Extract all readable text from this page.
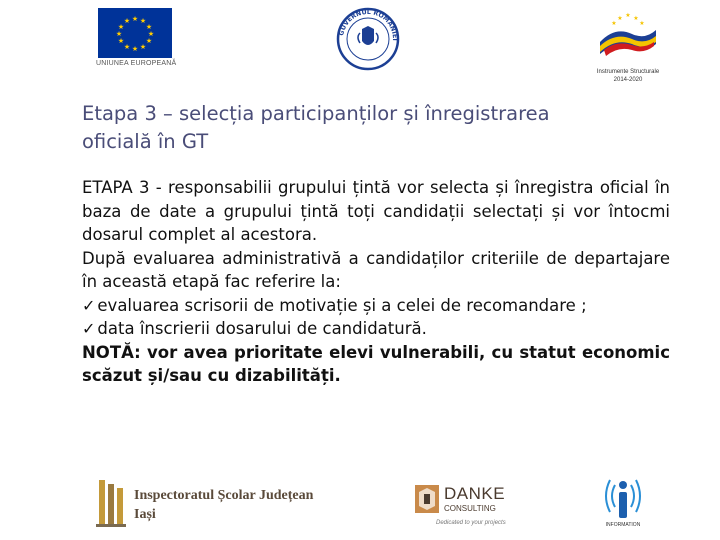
★ ★
★
★
★
★
★
★
★
★
★
★
UNIUNEA EUROPEANĂ
GUVERNUL ROMÂNIEI
★ ★ ★
★
★
Instrumente Structurale
2014-2020
Etapa 3 – selecția participanților și înregistrarea
oficială în GT

ETAPA 3 - responsabilii grupului țintă vor selecta și înregistra oficial în baza de date a grupului țintă toți candidații selectați și vor întocmi dosarul complet al acestora.

După evaluarea administrativă a candidaților criteriile de departajare în această etapă fac referire la:

✓ evaluarea scrisorii de motivație și a celei de recomandare ;

✓ data înscrierii dosarului de candidatură.

NOTĂ: vor avea prioritate elevi vulnerabili, cu statut economic scăzut și/sau cu dizabilități.

Inspectoratul Școlar Județean
Iași
DANKE
CONSULTING
Dedicated to your projects	INFORMATION
